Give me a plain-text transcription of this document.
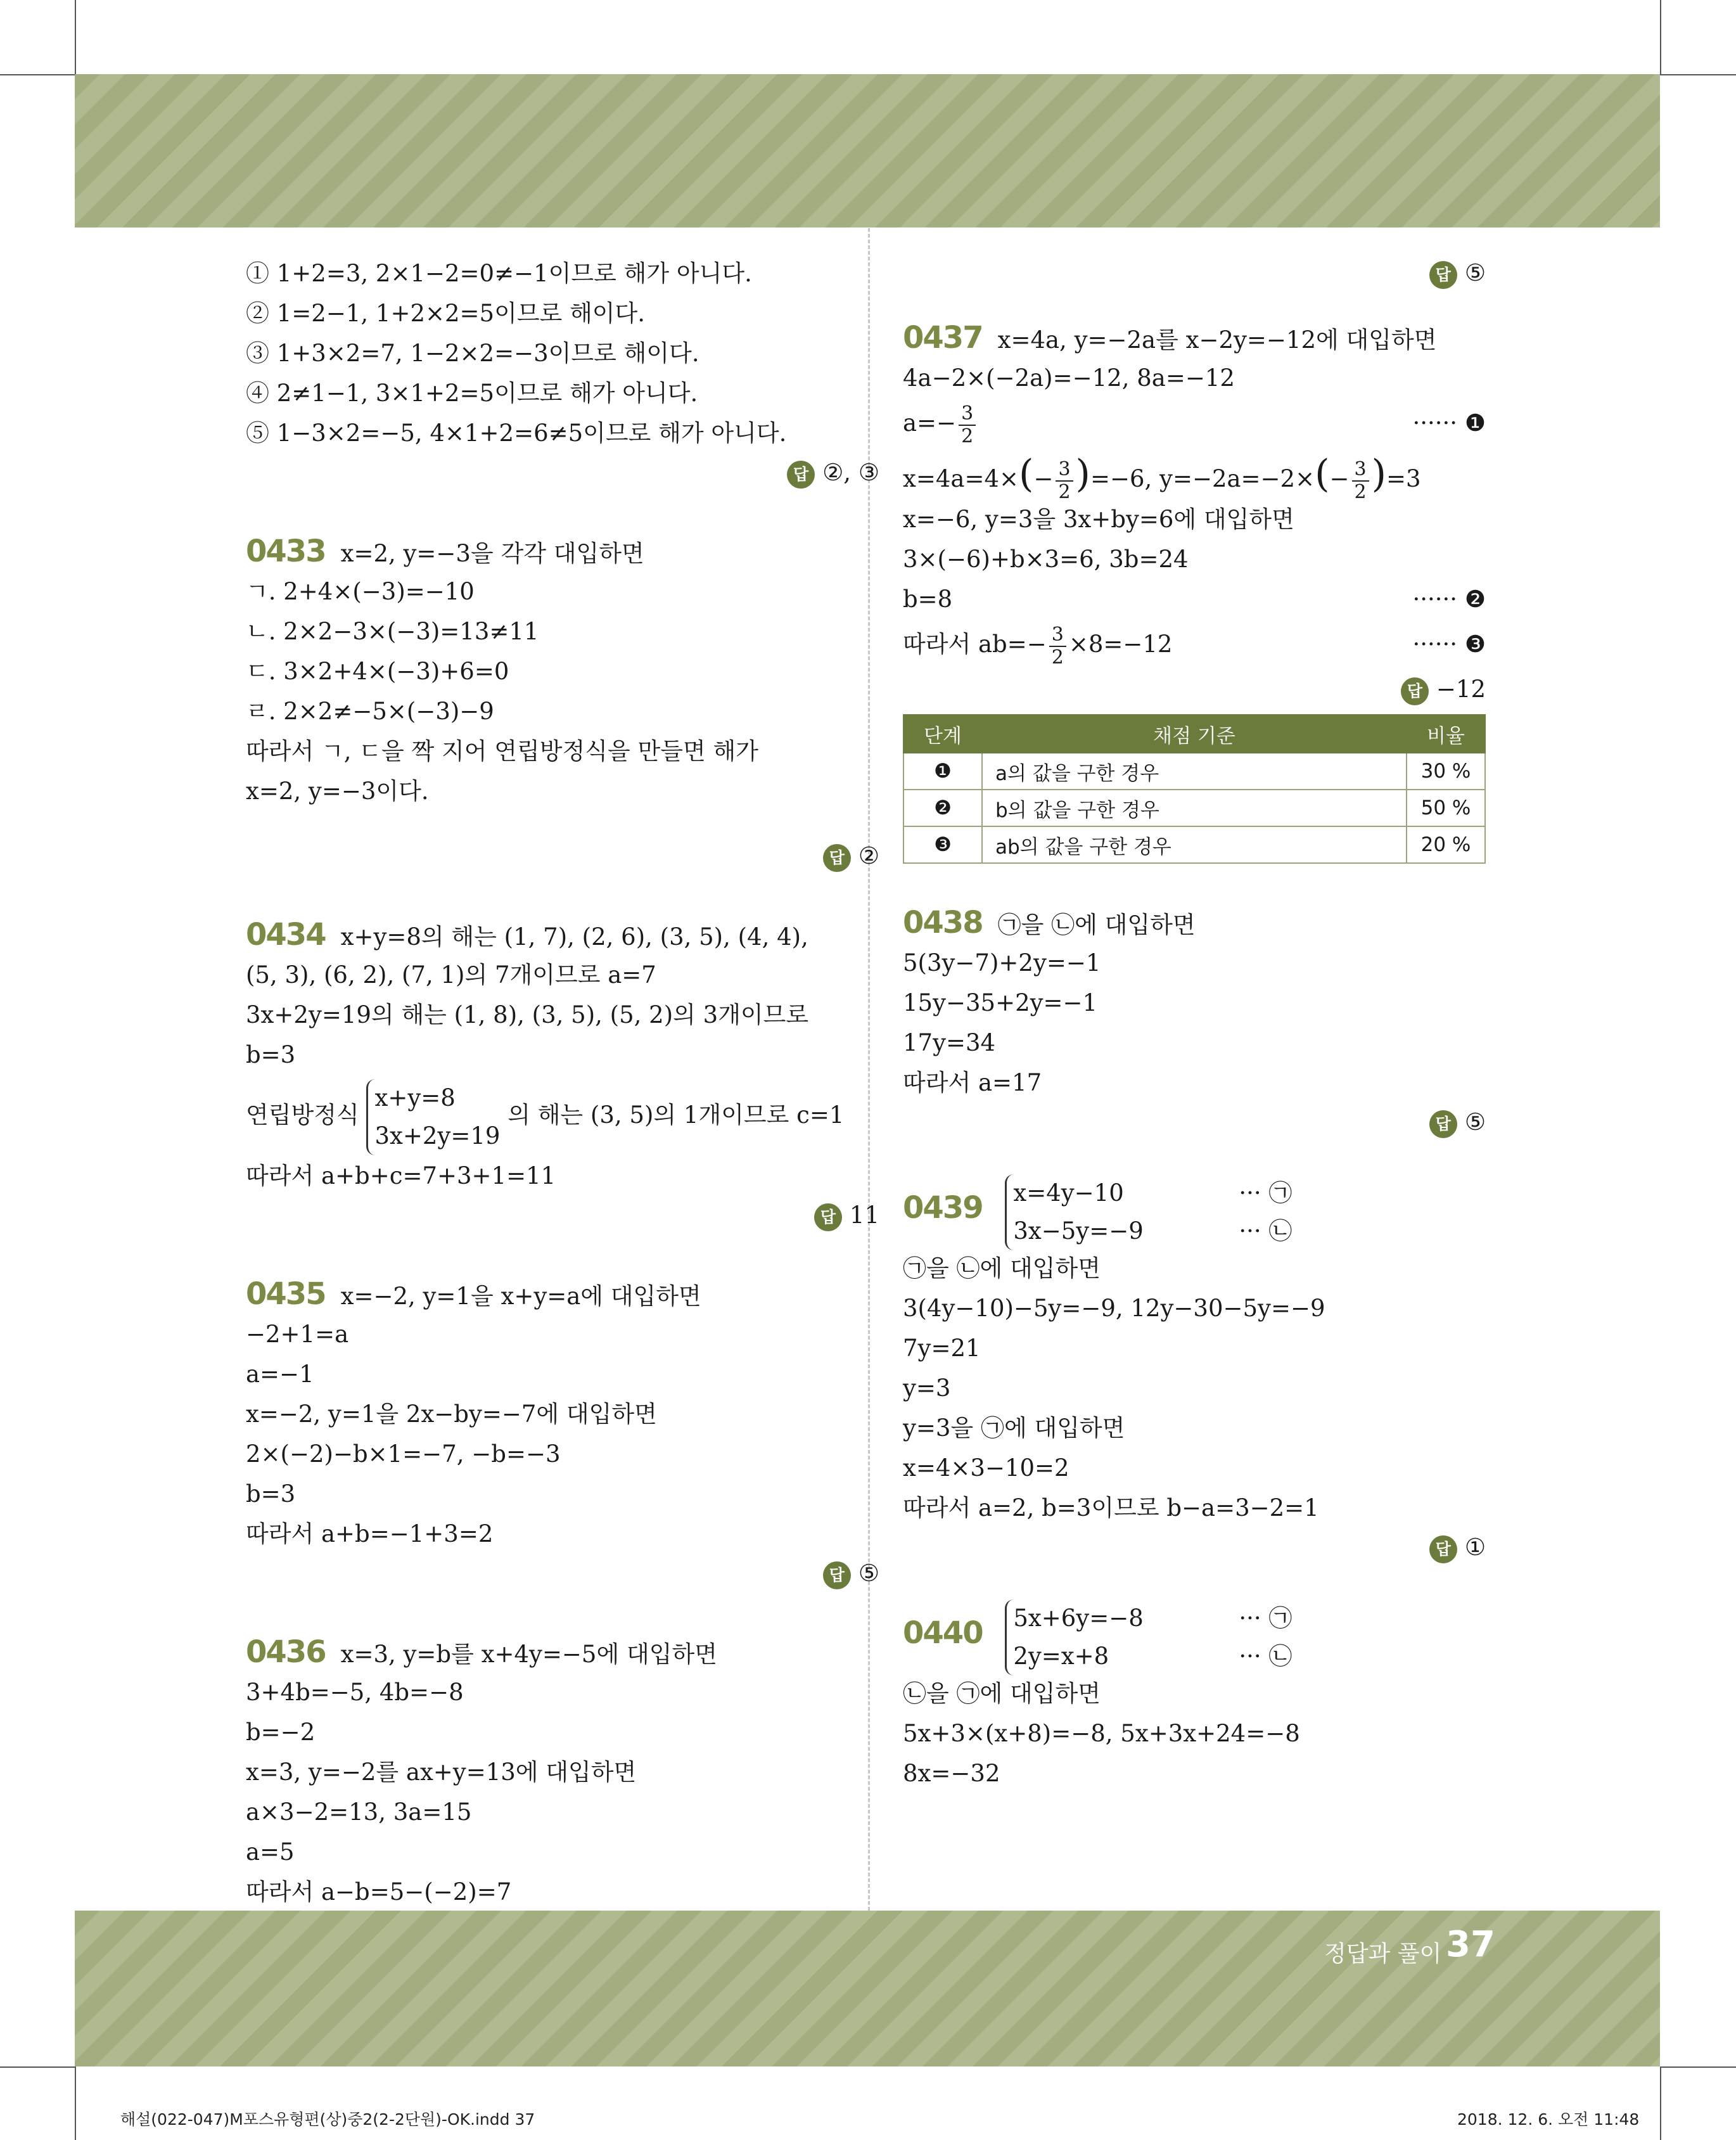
① 1+2=3, 2×1−2=0≠−1이므로 해가 아니다.
② 1=2−1, 1+2×2=5이므로 해이다.
③ 1+3×2=7, 1−2×2=−3이므로 해이다.
④ 2≠1−1, 3×1+2=5이므로 해가 아니다.
⑤ 1−3×2=−5, 4×1+2=6≠5이므로 해가 아니다.
답 ②, ③
0433 x=2, y=−3을 각각 대입하면
ㄱ. 2+4×(−3)=−10
ㄴ. 2×2−3×(−3)=13≠11
ㄷ. 3×2+4×(−3)+6=0
ㄹ. 2×2≠−5×(−3)−9
따라서 ㄱ, ㄷ을 짝 지어 연립방정식을 만들면 해가
x=2, y=−3이다.
답 ②
0434 x+y=8의 해는 (1, 7), (2, 6), (3, 5), (4, 4),
(5, 3), (6, 2), (7, 1)의 7개이므로 a=7
3x+2y=19의 해는 (1, 8), (3, 5), (5, 2)의 3개이므로
b=3
연립방정식
x+y=8
3x+2y=19
의 해는 (3, 5)의 1개이므로 c=1
따라서 a+b+c=7+3+1=11
답 11
0435 x=−2, y=1을 x+y=a에 대입하면
−2+1=a
a=−1
x=−2, y=1을 2x−by=−7에 대입하면
2×(−2)−b×1=−7, −b=−3
b=3
따라서 a+b=−1+3=2
답 ⑤
0436 x=3, y=b를 x+4y=−5에 대입하면
3+4b=−5, 4b=−8
b=−2
x=3, y=−2를 ax+y=13에 대입하면
a×3−2=13, 3a=15
a=5
따라서 a−b=5−(−2)=7
답 ⑤
0437 x=4a, y=−2a를 x−2y=−12에 대입하면
4a−2×(−2a)=−12, 8a=−12
$a=- \frac{3}{2}$	······ ❶
$x=4a=4\times(- \frac{3}{2} )=-6$, $y=-2a=-2\times(- \frac{3}{2} )=3$
x=−6, y=3을 3x+by=6에 대입하면
3×(−6)+b×3=6, 3b=24
b=8	······ ❷
따라서 $ab=- \frac{3}{2} \times 8=-12$	······ ❸
답 −12
단계	채점 기준	비율
❶	a의 값을 구한 경우	30 %
❷	b의 값을 구한 경우	50 %
❸	ab의 값을 구한 경우	20 %
0438 ㉠을 ㉡에 대입하면
5(3y−7)+2y=−1
15y−35+2y=−1
17y=34
따라서 a=17
답 ⑤
0439 x=4y−10	··· ㉠
3x−5y=−9	··· ㉡
㉠을 ㉡에 대입하면
3(4y−10)−5y=−9, 12y−30−5y=−9
7y=21
y=3
y=3을 ㉠에 대입하면
x=4×3−10=2
따라서 a=2, b=3이므로 b−a=3−2=1
답 ①
0440 5x+6y=−8	··· ㉠
2y=x+8	··· ㉡
㉡을 ㉠에 대입하면
5x+3×(x+8)=−8, 5x+3x+24=−8
8x=−32
정답과 풀이 37
해설(022-047)M포스유형편(상)중2(2-2단원)-OK.indd 37	2018. 12. 6. 오전 11:48
